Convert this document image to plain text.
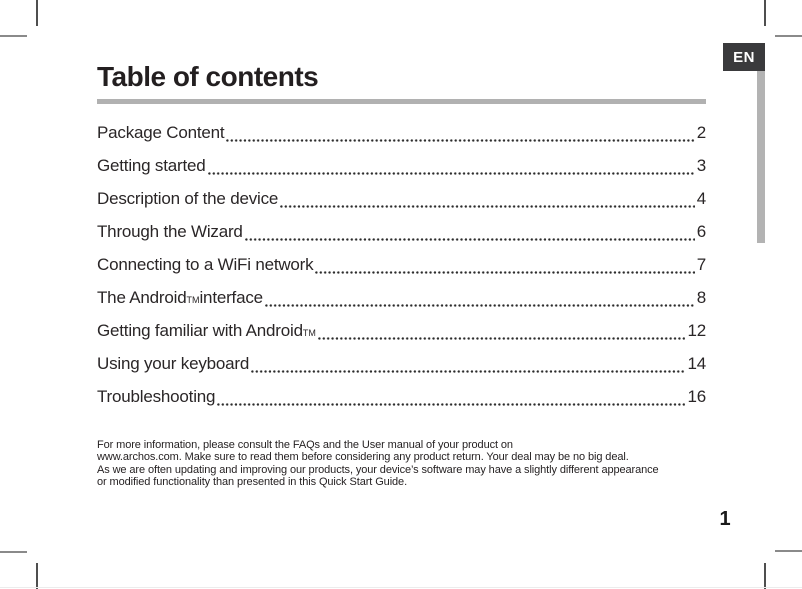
EN
Table of contents
Package Content	2
Getting started	3
Description of the device	4
Through the Wizard	6
Connecting to a WiFi network	7
The Android TM interface	8
Getting familiar with Android TM	12
Using your keyboard	14
Troubleshooting	16
For more information, please consult the FAQs and the User manual of your product on
www.archos.com. Make sure to read them before considering any product return. Your deal may be no big deal.
As we are often updating and improving our products, your device’s software may have a slightly different appearance
or modified functionality than presented in this Quick Start Guide.
1
